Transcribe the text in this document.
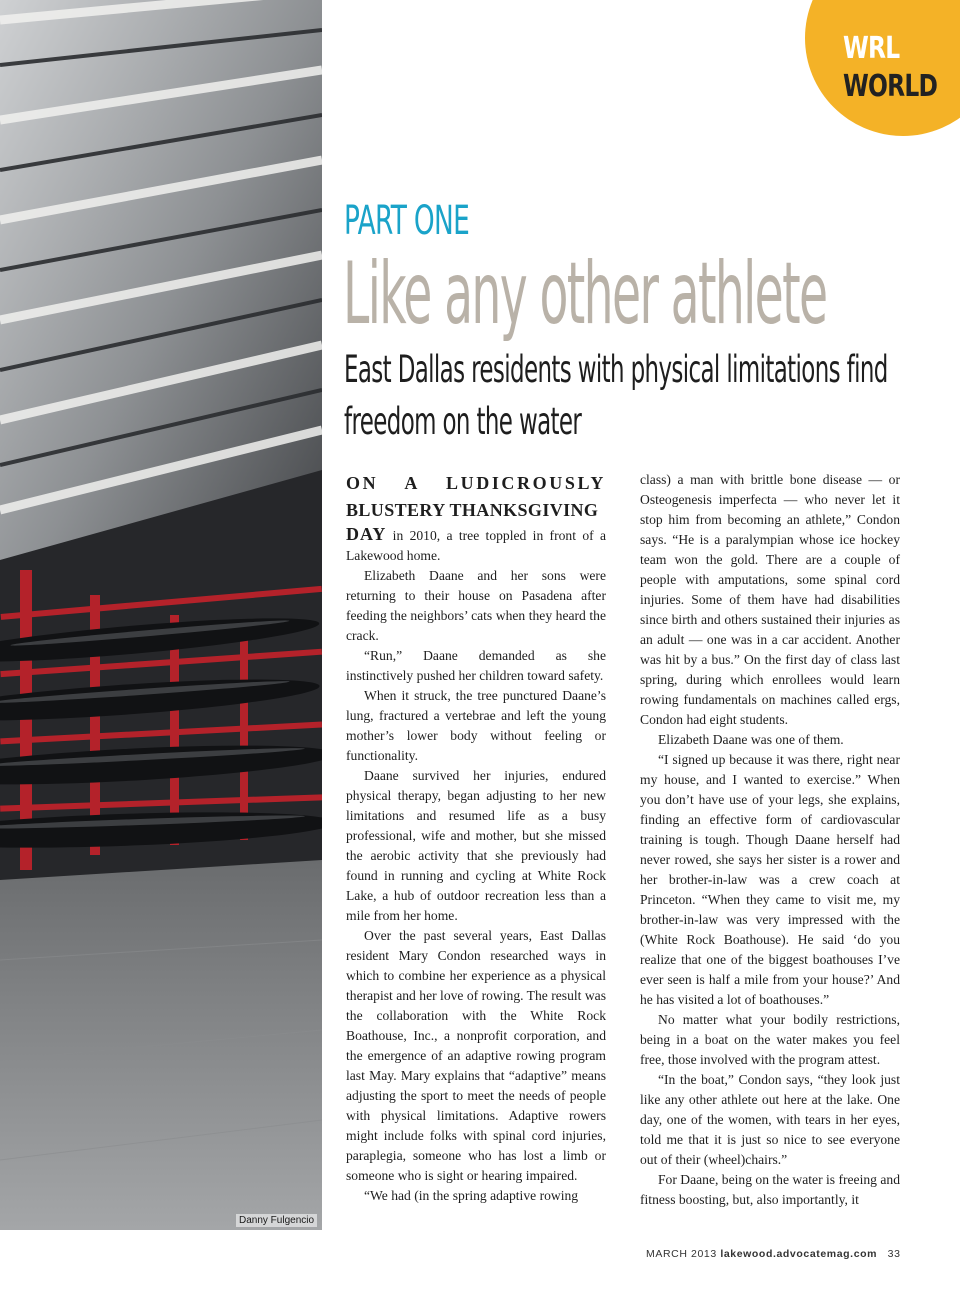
Danny Fulgencio
WRL
WORLD
PART ONE
Like any other athlete
East Dallas residents with physical limitations find freedom on the water

ON A LUDICROUSLY
BLUSTERY THANKSGIVING
DAY in 2010, a tree toppled in front of a Lakewood home.

Elizabeth Daane and her sons were returning to their house on Pasadena after feeding the neighbors’ cats when they heard the crack.

“Run,” Daane demanded as she instinctively pushed her children toward safety.

When it struck, the tree punctured Daane’s lung, fractured a vertebrae and left the young mother’s lower body without feeling or functionality.

Daane survived her injuries, endured physical therapy, began adjusting to her new limitations and resumed life as a busy professional, wife and mother, but she missed the aerobic activity that she previously had found in running and cycling at White Rock Lake, a hub of outdoor recreation less than a mile from her home.

Over the past several years, East Dallas resident Mary Condon researched ways in which to combine her experience as a physical therapist and her love of rowing. The result was the collaboration with the White Rock Boathouse, Inc., a nonprofit corporation, and the emergence of an adaptive rowing program last May. Mary explains that “adaptive” means adjusting the sport to meet the needs of people with physical limitations. Adaptive rowers might include folks with spinal cord injuries, paraplegia, someone who has lost a limb or someone who is sight or hearing impaired.

“We had (in the spring adaptive rowing

class) a man with brittle bone disease — or Osteogenesis imperfecta — who never let it stop him from becoming an athlete,” Condon says. “He is a paralympian whose ice hockey team won the gold. There are a couple of people with amputations, some spinal cord injuries. Some of them have had disabilities since birth and others sustained their injuries as an adult — one was in a car accident. Another was hit by a bus.” On the first day of class last spring, during which enrollees would learn rowing fundamentals on machines called ergs, Condon had eight students.

Elizabeth Daane was one of them.

“I signed up because it was there, right near my house, and I wanted to exercise.” When you don’t have use of your legs, she explains, finding an effective form of cardiovascular training is tough. Though Daane herself had never rowed, she says her sister is a rower and her brother-in-law was a crew coach at Princeton. “When they came to visit me, my brother-in-law was very impressed with the (White Rock Boathouse). He said ‘do you realize that one of the biggest boathouses I’ve ever seen is half a mile from your house?’ And he has visited a lot of boathouses.”

No matter what your bodily restrictions, being in a boat on the water makes you feel free, those involved with the program attest.

“In the boat,” Condon says, “they look just like any other athlete out here at the lake. One day, one of the women, with tears in her eyes, told me that it is just so nice to see everyone out of their (wheel)chairs.”

For Daane, being on the water is freeing and fitness boosting, but, also importantly, it

MARCH 2013 lakewood.advocatemag.com 33
